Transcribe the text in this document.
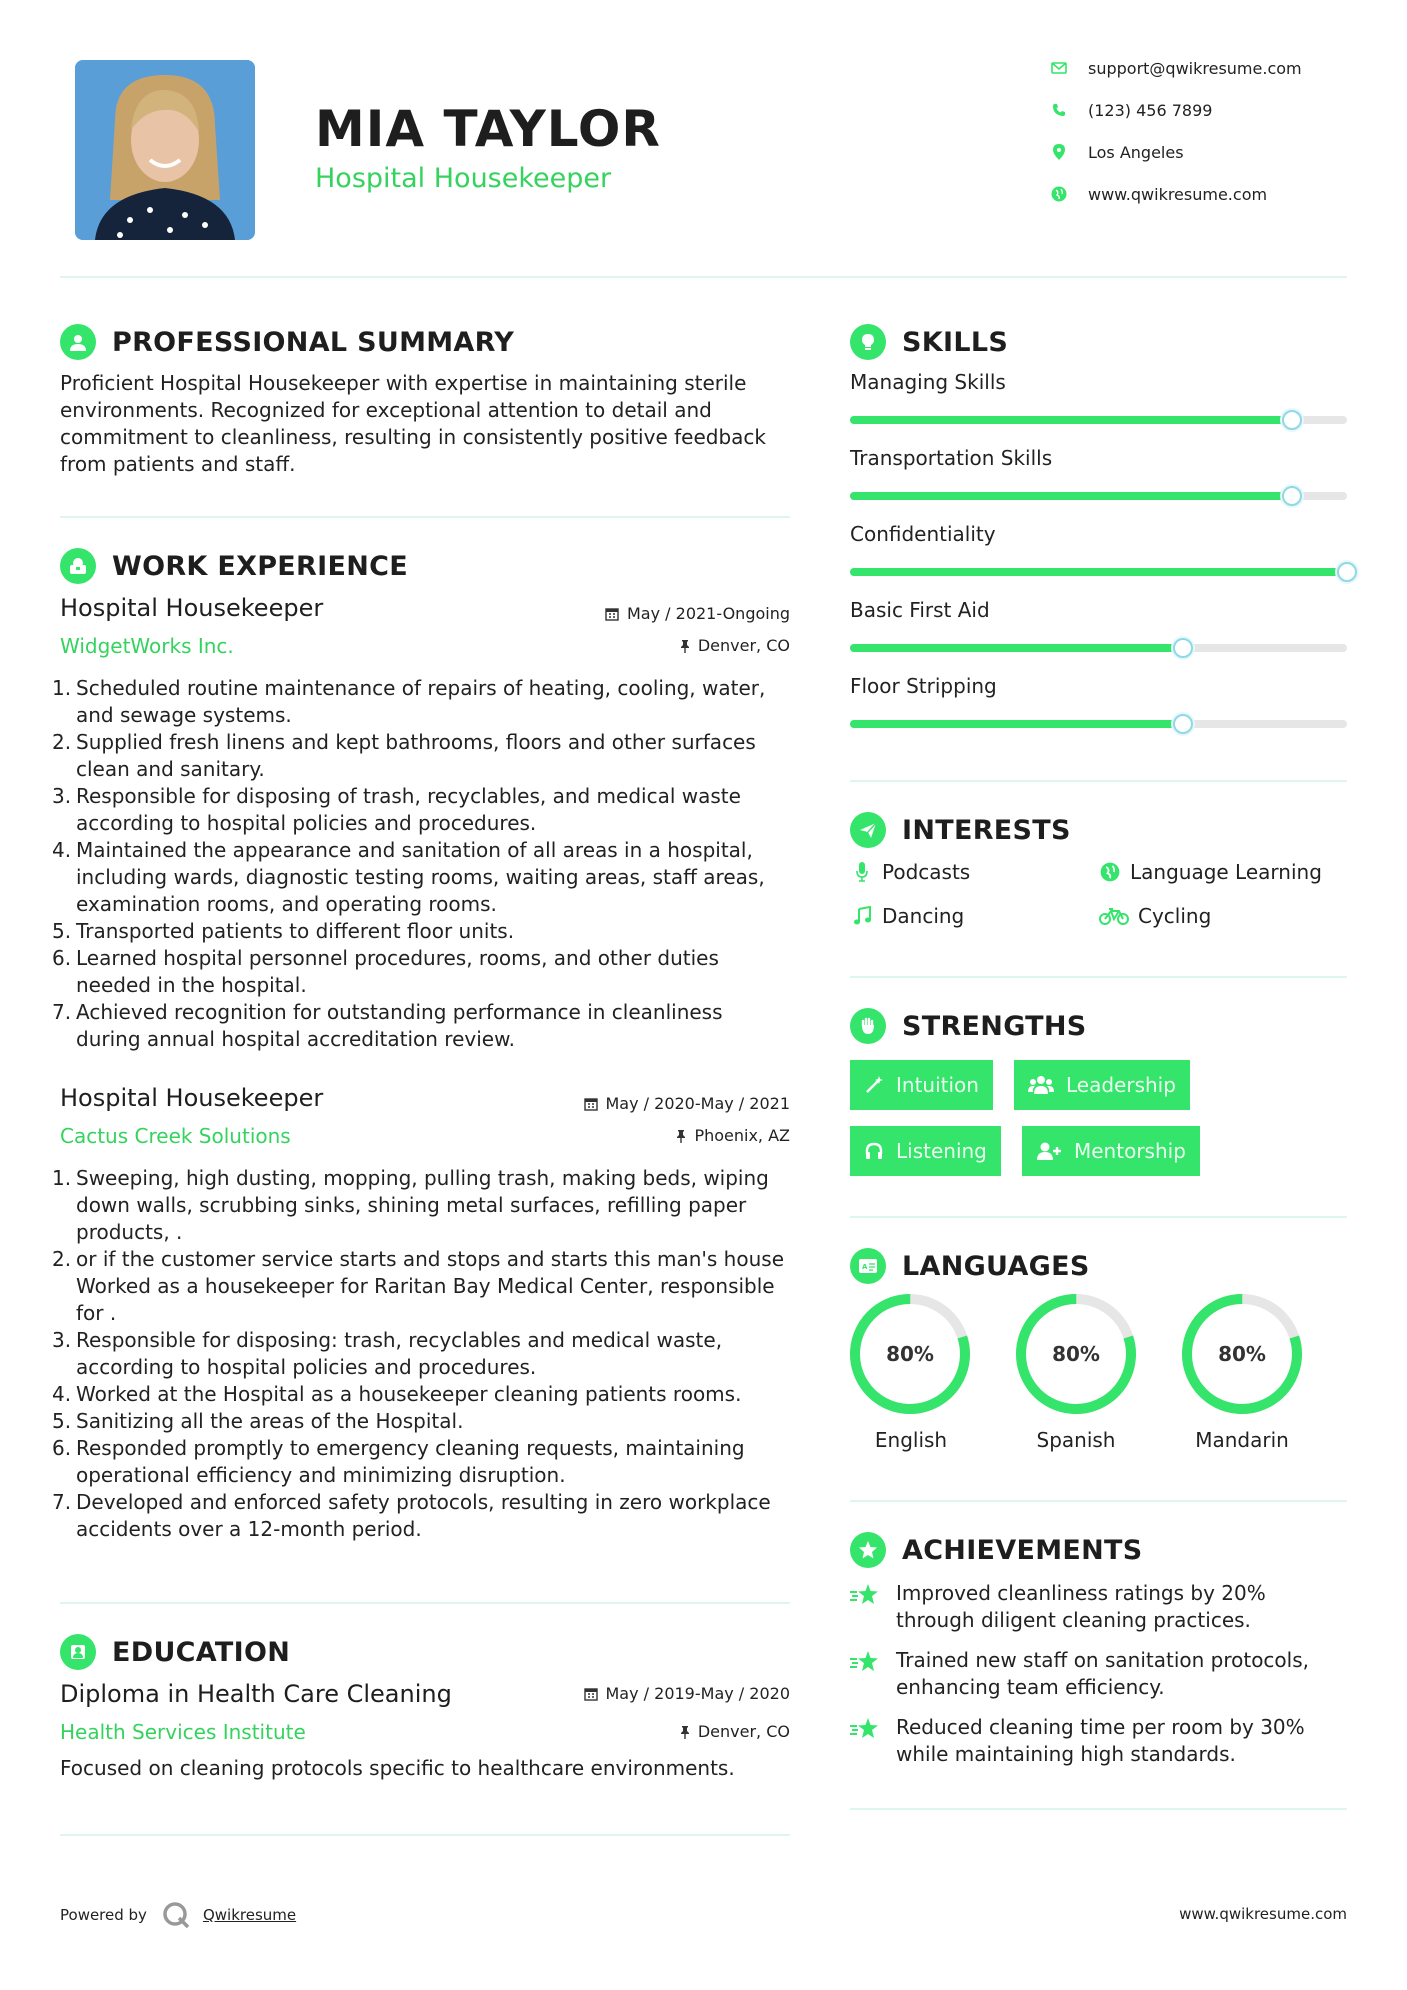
MIA TAYLOR
Hospital Housekeeper
support@qwikresume.com
(123) 456 7899
Los Angeles
www.qwikresume.com
PROFESSIONAL SUMMARY
Proficient Hospital Housekeeper with expertise in maintaining sterile environments. Recognized for exceptional attention to detail and commitment to cleanliness, resulting in consistently positive feedback from patients and staff.
WORK EXPERIENCE
Hospital Housekeeper	May / 2021-Ongoing
WidgetWorks Inc.	Denver, CO
Scheduled routine maintenance of repairs of heating, cooling, water, and sewage systems.
Supplied fresh linens and kept bathrooms, floors and other surfaces clean and sanitary.
Responsible for disposing of trash, recyclables, and medical waste according to hospital policies and procedures.
Maintained the appearance and sanitation of all areas in a hospital, including wards, diagnostic testing rooms, waiting areas, staff areas, examination rooms, and operating rooms.
Transported patients to different floor units.
Learned hospital personnel procedures, rooms, and other duties needed in the hospital.
Achieved recognition for outstanding performance in cleanliness during annual hospital accreditation review.
Hospital Housekeeper	May / 2020-May / 2021
Cactus Creek Solutions	Phoenix, AZ
Sweeping, high dusting, mopping, pulling trash, making beds, wiping down walls, scrubbing sinks, shining metal surfaces, refilling paper products, .
or if the customer service starts and stops and starts this man's house Worked as a housekeeper for Raritan Bay Medical Center, responsible for .
Responsible for disposing: trash, recyclables and medical waste, according to hospital policies and procedures.
Worked at the Hospital as a housekeeper cleaning patients rooms.
Sanitizing all the areas of the Hospital.
Responded promptly to emergency cleaning requests, maintaining operational efficiency and minimizing disruption.
Developed and enforced safety protocols, resulting in zero workplace accidents over a 12-month period.
EDUCATION
Diploma in Health Care Cleaning	May / 2019-May / 2020
Health Services Institute	Denver, CO
Focused on cleaning protocols specific to healthcare environments.
SKILLS
Managing Skills
Transportation Skills
Confidentiality
Basic First Aid
Floor Stripping
INTERESTS
Podcasts	Language Learning
Dancing	Cycling
STRENGTHS
Intuition	Leadership
Listening	Mentorship
A LANGUAGES
80%
English
80%
Spanish
80%
Mandarin
ACHIEVEMENTS
Improved cleanliness ratings by 20% through diligent cleaning practices.
Trained new staff on sanitation protocols, enhancing team efficiency.
Reduced cleaning time per room by 30% while maintaining high standards.
Powered by	Qwikresume	www.qwikresume.com
